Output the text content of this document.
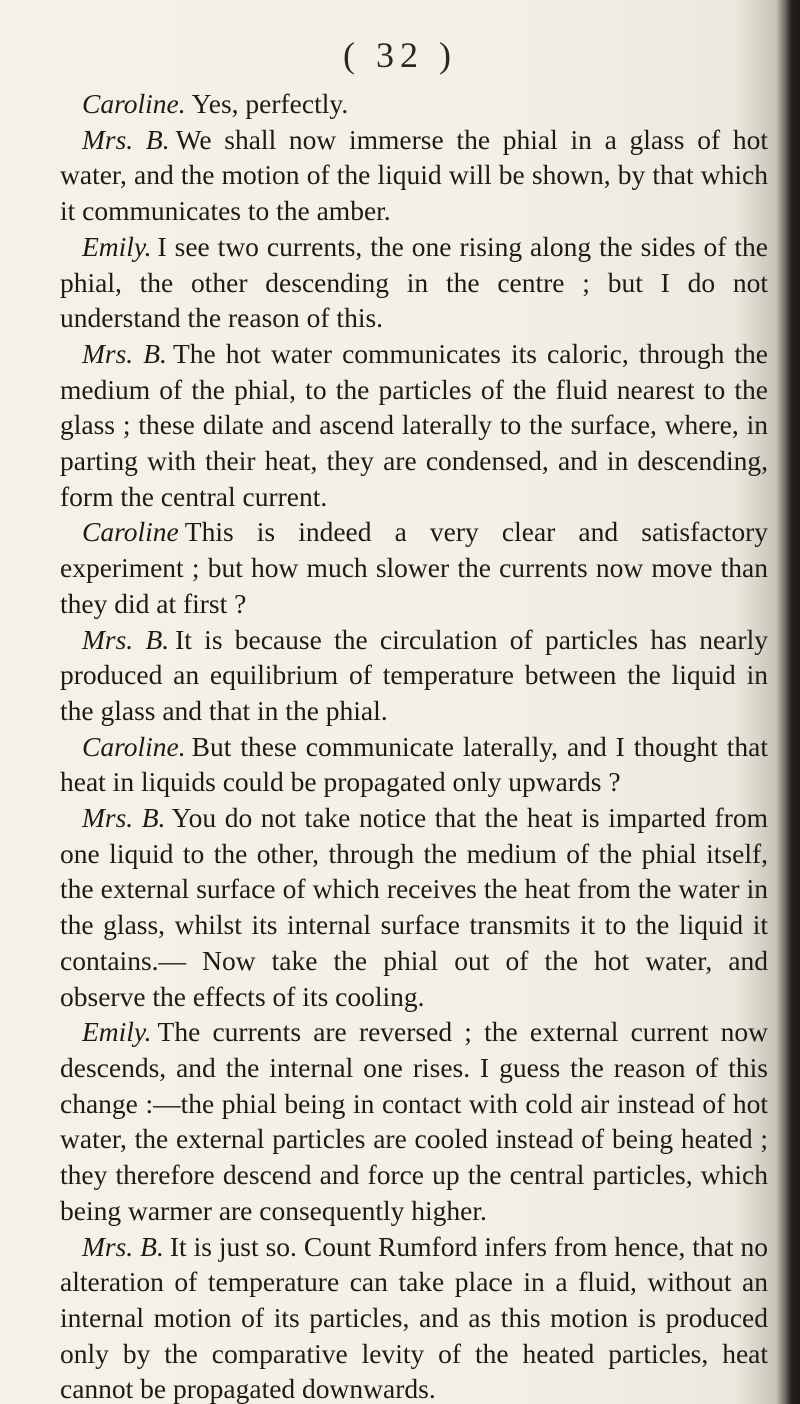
( 32 )

Caroline. Yes, perfectly.

Mrs. B. We shall now immerse the phial in a glass of hot water, and the motion of the liquid will be shown, by that which it communicates to the amber.

Emily. I see two currents, the one rising along the sides of the phial, the other descending in the centre ; but I do not understand the reason of this.

Mrs. B. The hot water communicates its caloric, through the medium of the phial, to the particles of the fluid nearest to the glass ; these dilate and ascend laterally to the surface, where, in parting with their heat, they are condensed, and in descending, form the central current.

Caroline This is indeed a very clear and satisfactory experiment ; but how much slower the currents now move than they did at first ?

Mrs. B. It is because the circulation of particles has nearly produced an equilibrium of temperature between the liquid in the glass and that in the phial.

Caroline. But these communicate laterally, and I thought that heat in liquids could be propagated only upwards ?

Mrs. B. You do not take notice that the heat is imparted from one liquid to the other, through the medium of the phial itself, the external surface of which receives the heat from the water in the glass, whilst its internal surface transmits it to the liquid it contains.— Now take the phial out of the hot water, and observe the effects of its cooling.

Emily. The currents are reversed ; the external current now descends, and the internal one rises. I guess the reason of this change :—the phial being in contact with cold air instead of hot water, the external particles are cooled instead of being heated ; they therefore descend and force up the central particles, which being warmer are consequently higher.

Mrs. B. It is just so. Count Rumford infers from hence, that no alteration of temperature can take place in a fluid, without an internal motion of its particles, and as this motion is produced only by the comparative levity of the heated particles, heat cannot be propagated downwards.
